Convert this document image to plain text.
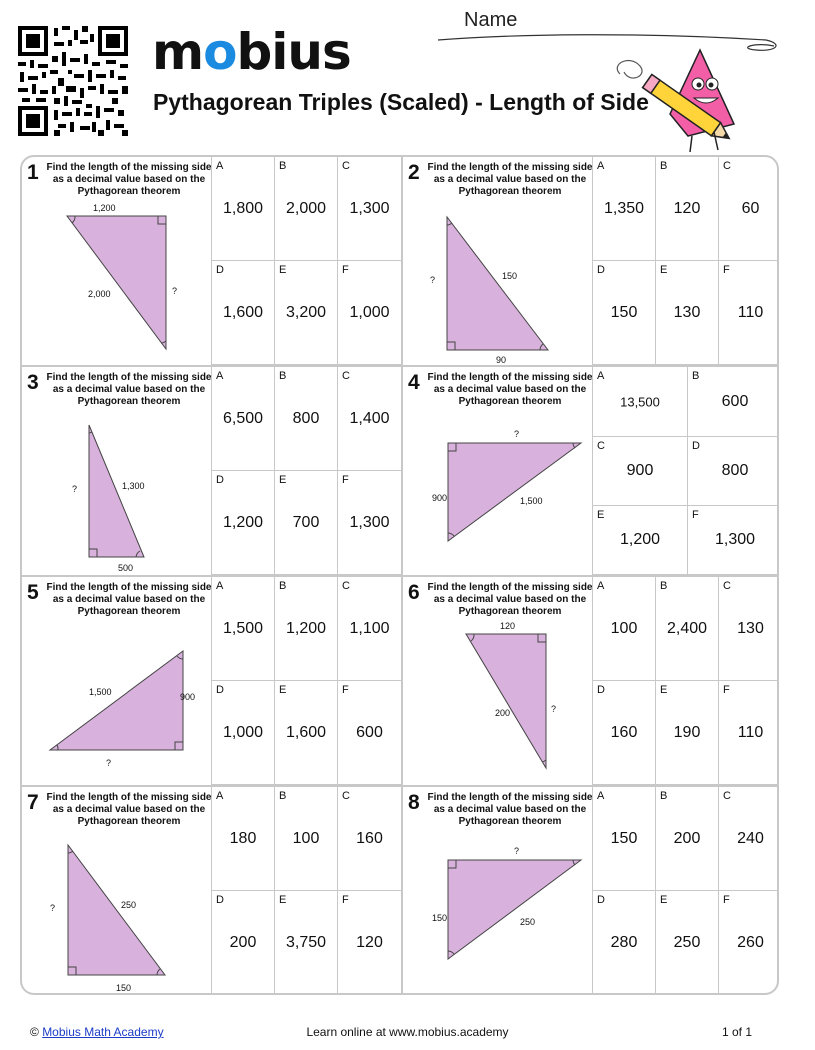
mobius
Pythagorean Triples (Scaled) - Length of Side
Name
1 Find the length of the missing side as a decimal value based on the Pythagorean theorem
1,200
2,000	?
A
1,800
B
2,000
C
1,300
D
1,600
E
3,200
F
1,000
2 Find the length of the missing side as a decimal value based on the Pythagorean theorem
?	150
90
A
1,350
B
120
C
60
D
150
E
130
F
110
3 Find the length of the missing side as a decimal value based on the Pythagorean theorem
?	1,300
500
A
6,500
B
800
C
1,400
D
1,200
E
700
F
1,300
4 Find the length of the missing side as a decimal value based on the Pythagorean theorem
?
900	1,500
A
13,500
B
600
C
900
D
800
E
1,200
F
1,300
5 Find the length of the missing side as a decimal value based on the Pythagorean theorem
1,500	900
?
A
1,500
B
1,200
C
1,100
D
1,000
E
1,600
F
600
6 Find the length of the missing side as a decimal value based on the Pythagorean theorem
120
200	?
A
100
B
2,400
C
130
D
160
E
190
F
110
7 Find the length of the missing side as a decimal value based on the Pythagorean theorem
?	250
150
A
180
B
100
C
160
D
200
E
3,750
F
120
8 Find the length of the missing side as a decimal value based on the Pythagorean theorem
?
150	250
A
150
B
200
C
240
D
280
E
250
F
260
© Mobius Math Academy	Learn online at www.mobius.academy	1 of 1
